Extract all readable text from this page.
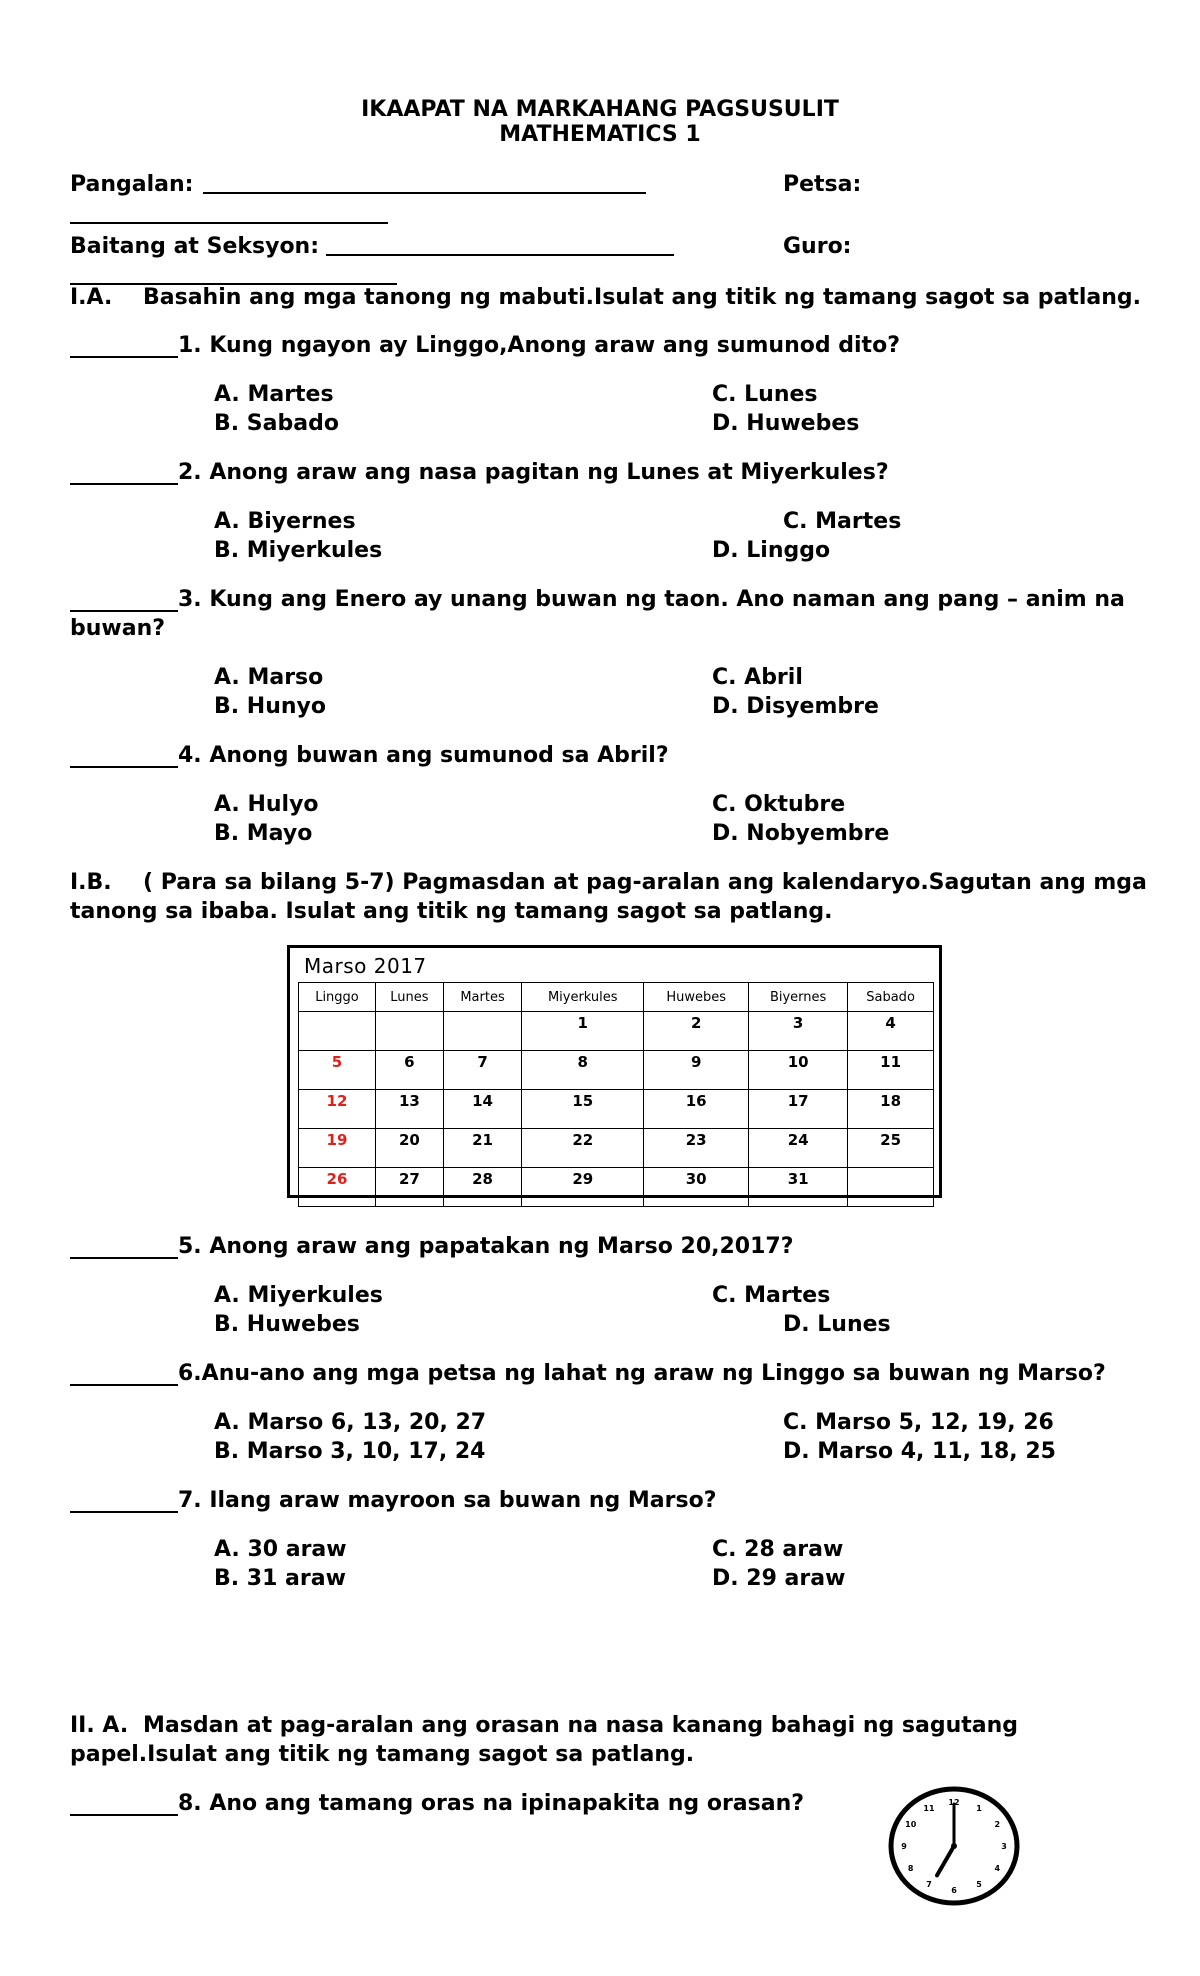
IKAAPAT NA MARKAHANG PAGSUSULIT
MATHEMATICS 1
Pangalan:	Petsa:
Baitang at Seksyon:	Guro:
I.A. Basahin ang mga tanong ng mabuti.Isulat ang titik ng tamang sagot sa patlang.
1. Kung ngayon ay Linggo,Anong araw ang sumunod dito?
A. Martes
B. Sabado
C. Lunes
D. Huwebes
2. Anong araw ang nasa pagitan ng Lunes at Miyerkules?
A. Biyernes
B. Miyerkules
C. Martes
D. Linggo
3. Kung ang Enero ay unang buwan ng taon. Ano naman ang pang – anim na
buwan?
A. Marso
B. Hunyo
C. Abril
D. Disyembre
4. Anong buwan ang sumunod sa Abril?
A. Hulyo
B. Mayo
C. Oktubre
D. Nobyembre
I.B. ( Para sa bilang 5-7) Pagmasdan at pag-aralan ang kalendaryo.Sagutan ang mga
tanong sa ibaba. Isulat ang titik ng tamang sagot sa patlang.
Marso 2017
Linggo	Lunes	Martes	Miyerkules	Huwebes	Biyernes	Sabado
			1	2	3	4
5	6	7	8	9	10	11
12	13	14	15	16	17	18
19	20	21	22	23	24	25
26	27	28	29	30	31	
5. Anong araw ang papatakan ng Marso 20,2017?
A. Miyerkules
B. Huwebes
C. Martes
D. Lunes
6.Anu-ano ang mga petsa ng lahat ng araw ng Linggo sa buwan ng Marso?
A. Marso 6, 13, 20, 27
B. Marso 3, 10, 17, 24
C. Marso 5, 12, 19, 26
D. Marso 4, 11, 18, 25
7. Ilang araw mayroon sa buwan ng Marso?
A. 30 araw
B. 31 araw
C. 28 araw
D. 29 araw
II. A. Masdan at pag-aralan ang orasan na nasa kanang bahagi ng sagutang
papel.Isulat ang titik ng tamang sagot sa patlang.
8. Ano ang tamang oras na ipinapakita ng orasan?	12
1
2
3
4
5
6
7
8
9
10
11
